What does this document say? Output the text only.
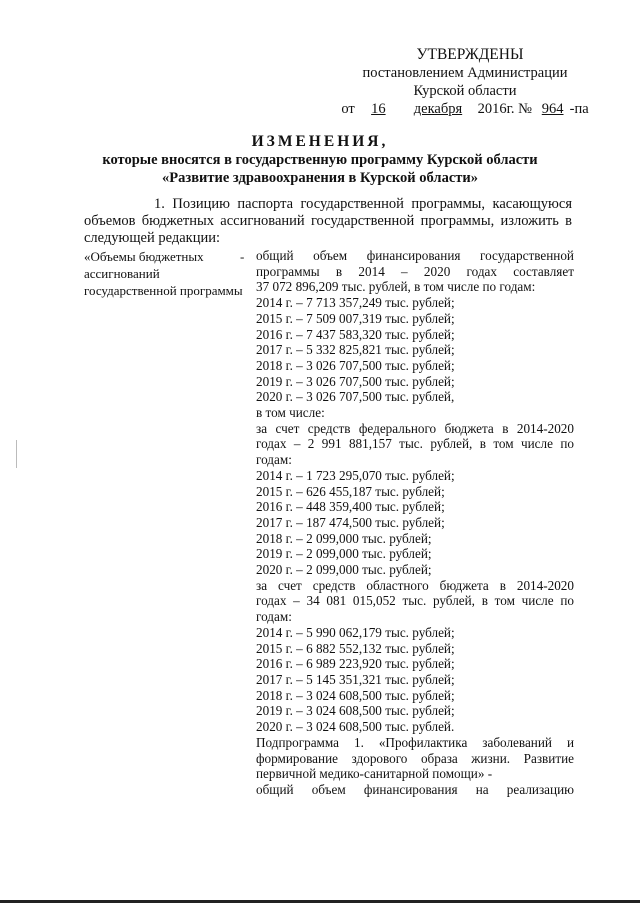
УТВЕРЖДЕНЫ
постановлением Администрации
Курской области
от 16 декабря 2016г. № 964 -па
ИЗМЕНЕНИЯ,
которые вносятся в государственную программу Курской области
«Развитие здравоохранения в Курской области»
1. Позицию паспорта государственной программы, касающуюся объемов бюджетных ассигнований государственной программы, изложить в следующей редакции:
«Объемы бюджетных ассигнований государственной программы
- общий объем финансирования государственной
программы в 2014 – 2020 годах составляет
37 072 896,209 тыс. рублей, в том числе по годам:
2014 г. – 7 713 357,249 тыс. рублей;
2015 г. – 7 509 007,319 тыс. рублей;
2016 г. – 7 437 583,320 тыс. рублей;
2017 г. – 5 332 825,821 тыс. рублей;
2018 г. – 3 026 707,500 тыс. рублей;
2019 г. – 3 026 707,500 тыс. рублей;
2020 г. – 3 026 707,500 тыс. рублей,
в том числе:
за счет средств федерального бюджета в 2014-2020
годах – 2 991 881,157 тыс. рублей, в том числе по
годам:
2014 г. – 1 723 295,070 тыс. рублей;
2015 г. – 626 455,187 тыс. рублей;
2016 г. – 448 359,400 тыс. рублей;
2017 г. – 187 474,500 тыс. рублей;
2018 г. – 2 099,000 тыс. рублей;
2019 г. – 2 099,000 тыс. рублей;
2020 г. – 2 099,000 тыс. рублей;
за счет средств областного бюджета в 2014-2020
годах – 34 081 015,052 тыс. рублей, в том числе по
годам:
2014 г. – 5 990 062,179 тыс. рублей;
2015 г. – 6 882 552,132 тыс. рублей;
2016 г. – 6 989 223,920 тыс. рублей;
2017 г. – 5 145 351,321 тыс. рублей;
2018 г. – 3 024 608,500 тыс. рублей;
2019 г. – 3 024 608,500 тыс. рублей;
2020 г. – 3 024 608,500 тыс. рублей.
Подпрограмма 1. «Профилактика заболеваний и
формирование здорового образа жизни. Развитие
первичной медико-санитарной помощи» -
общий объем финансирования на реализацию
